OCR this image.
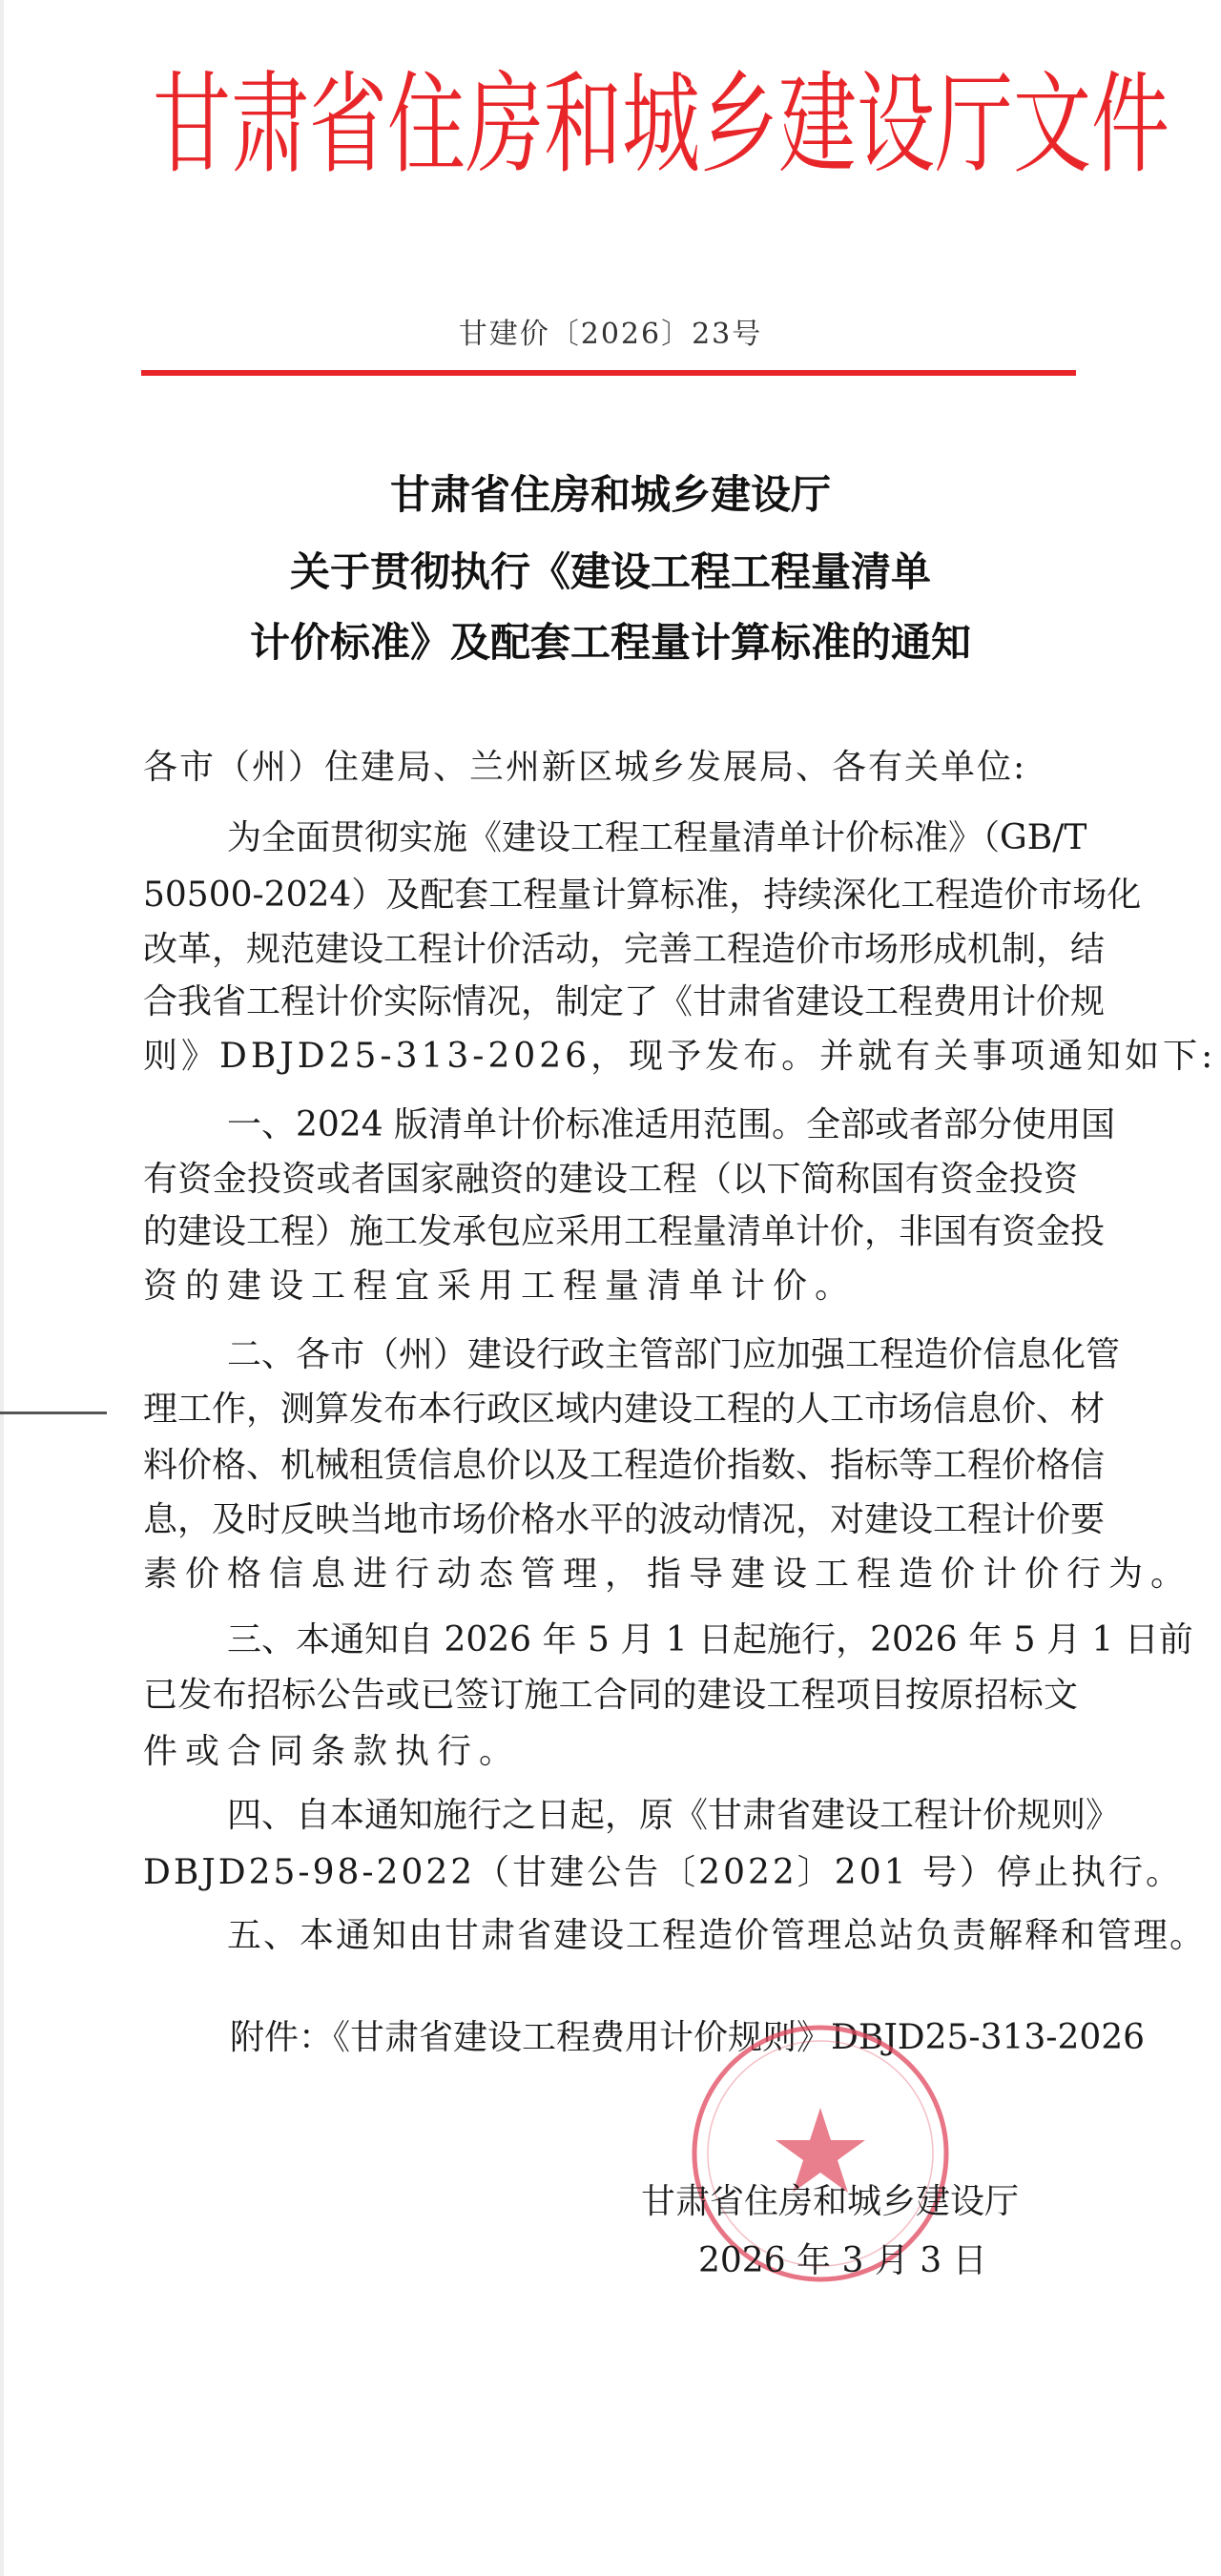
甘肃省住房和城乡建设厅文件
甘建价〔2026〕23号
甘肃省住房和城乡建设厅
关于贯彻执行《建设工程工程量清单
计价标准》及配套工程量计算标准的通知
各市（州）住建局、兰州新区城乡发展局、各有关单位:
为全面贯彻实施《建设工程工程量清单计价标准》（GB/T
50500-2024）及配套工程量计算标准，持续深化工程造价市场化
改革，规范建设工程计价活动，完善工程造价市场形成机制，结
合我省工程计价实际情况，制定了《甘肃省建设工程费用计价规
则》DBJD25-313-2026，现予发布。并就有关事项通知如下:
一、2024 版清单计价标准适用范围。全部或者部分使用国
有资金投资或者国家融资的建设工程（以下简称国有资金投资
的建设工程）施工发承包应采用工程量清单计价，非国有资金投
资的建设工程宜采用工程量清单计价。
二、各市（州）建设行政主管部门应加强工程造价信息化管
理工作，测算发布本行政区域内建设工程的人工市场信息价、材
料价格、机械租赁信息价以及工程造价指数、指标等工程价格信
息，及时反映当地市场价格水平的波动情况，对建设工程计价要
素价格信息进行动态管理，指导建设工程造价计价行为。
三、本通知自 2026 年 5 月 1 日起施行，2026 年 5 月 1 日前
已发布招标公告或已签订施工合同的建设工程项目按原招标文
件或合同条款执行。
四、自本通知施行之日起，原《甘肃省建设工程计价规则》
DBJD25-98-2022（甘建公告〔2022〕201 号）停止执行。
五、本通知由甘肃省建设工程造价管理总站负责解释和管理。
附件：《甘肃省建设工程费用计价规则》DBJD25-313-2026
甘肃省住房和城乡建设厅
2026 年 3 月 3 日
